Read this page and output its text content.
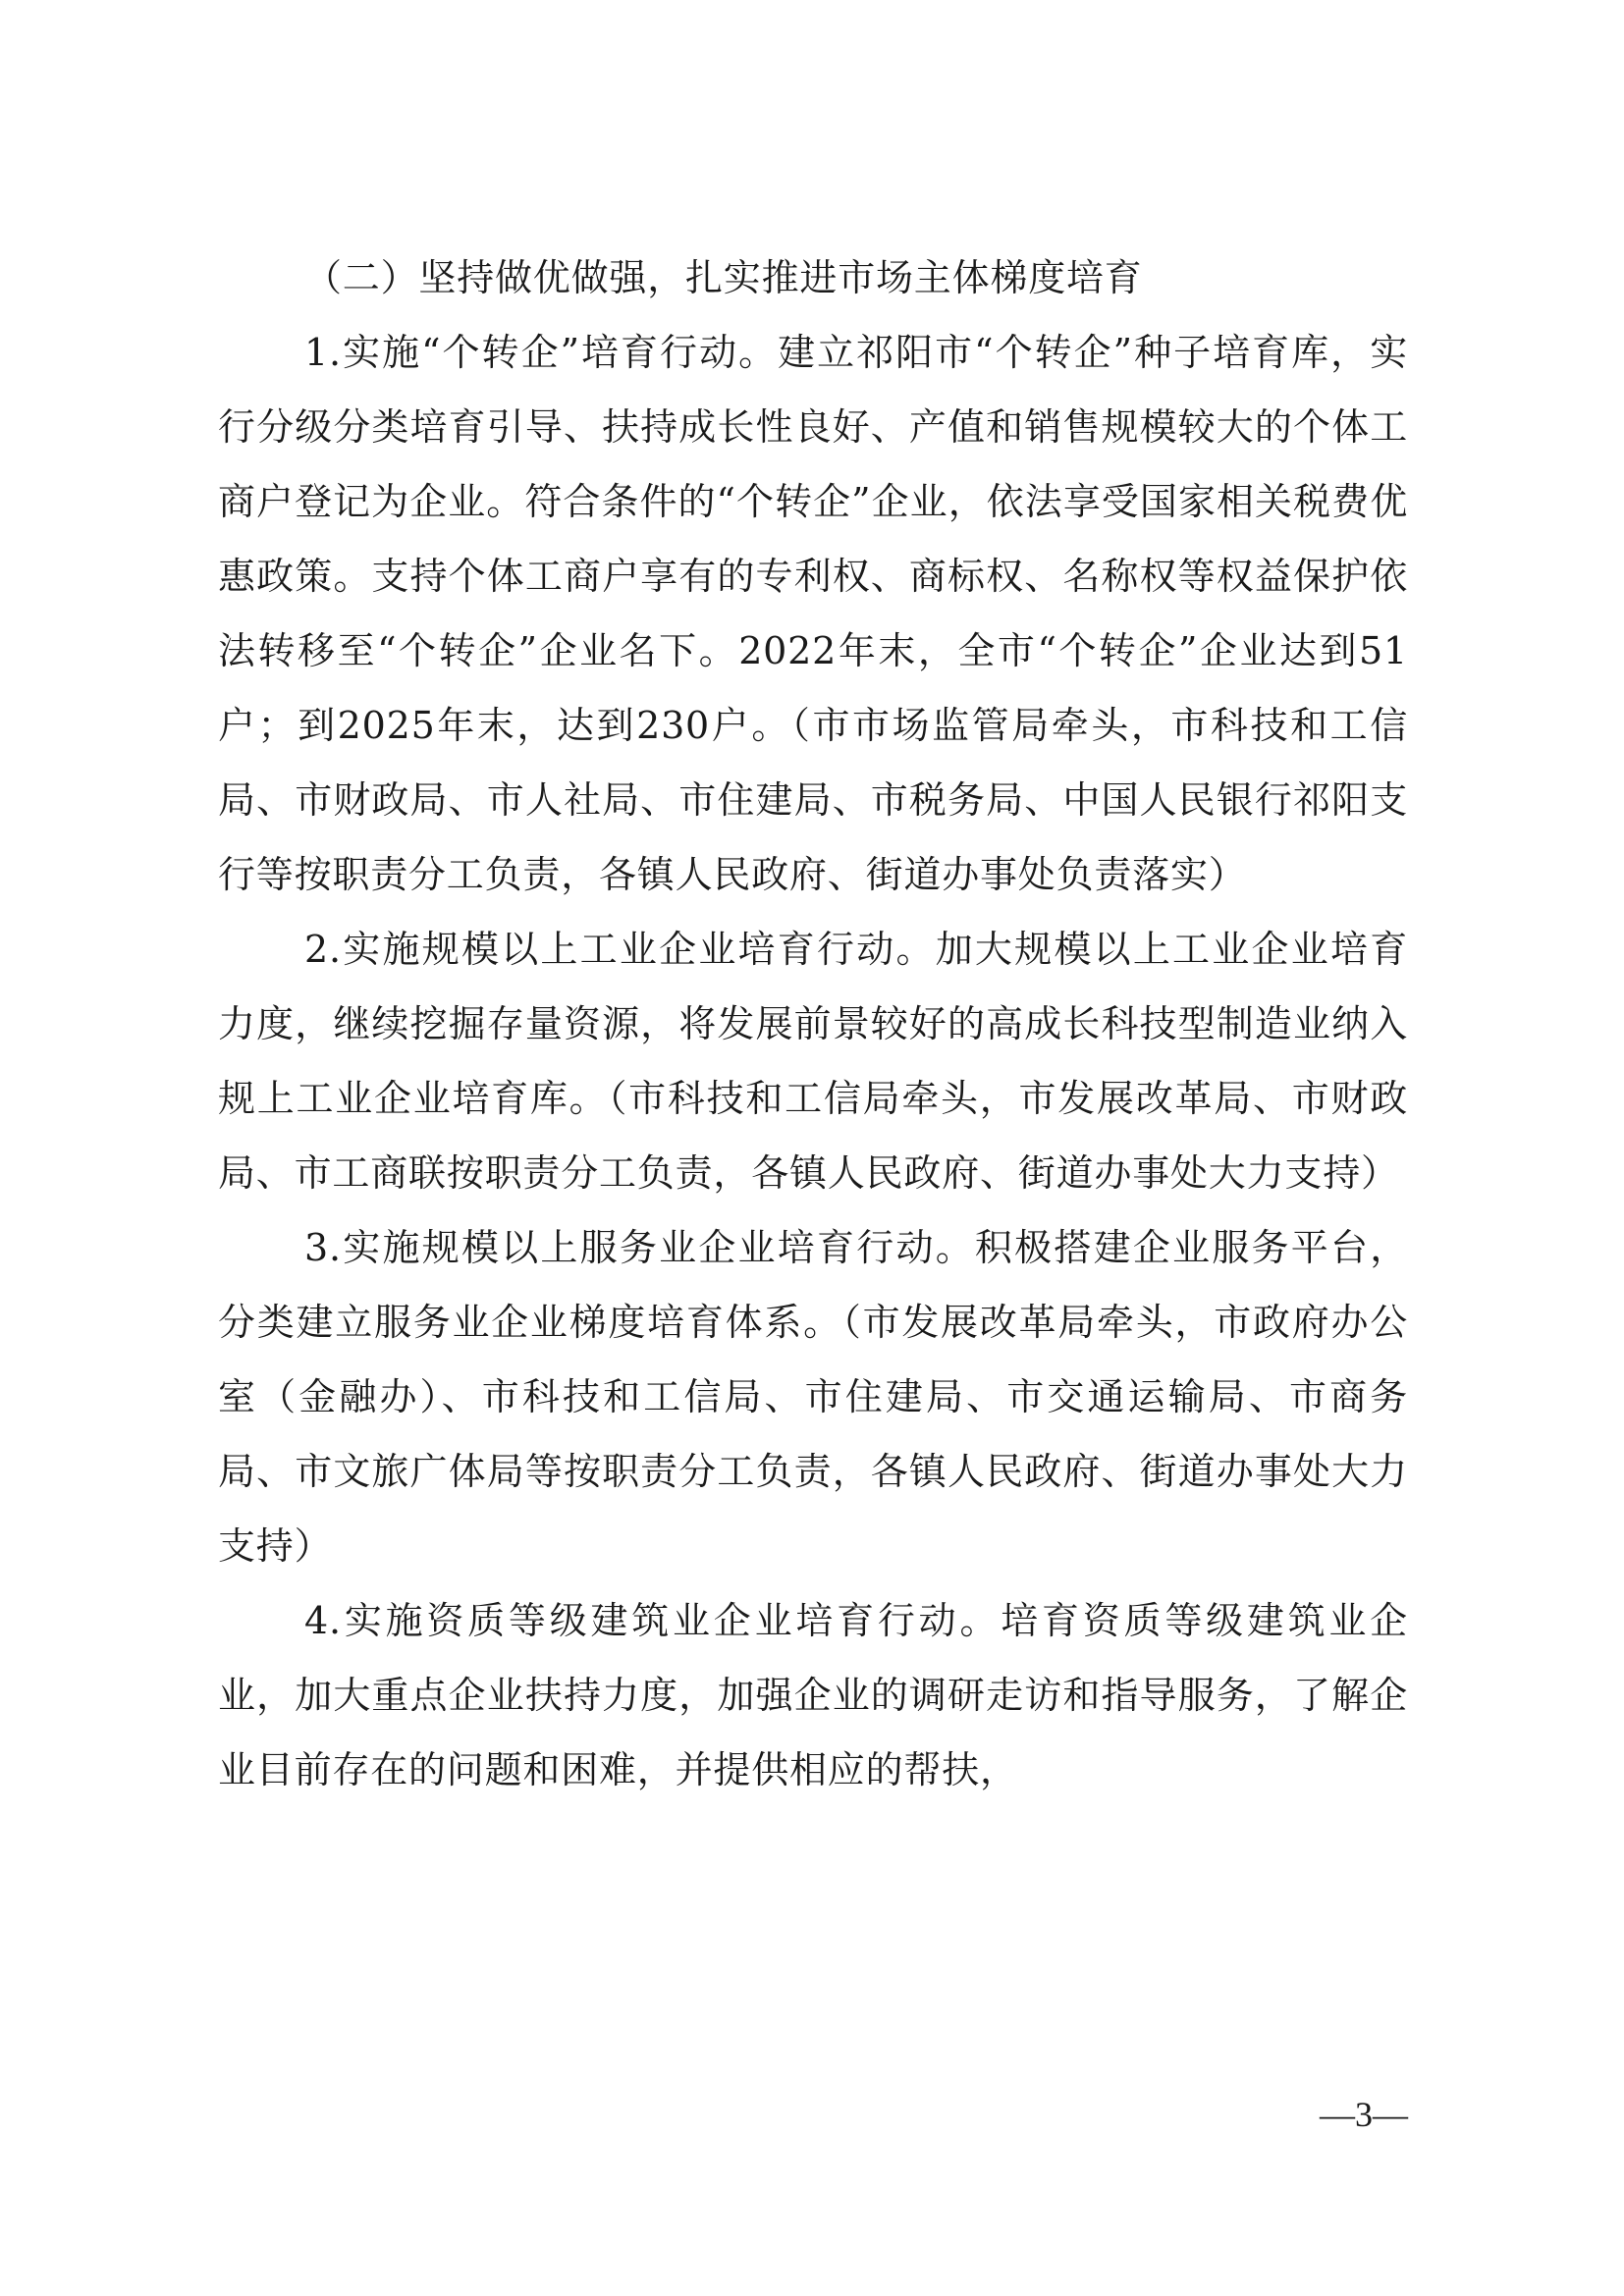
（二）坚持做优做强，扎实推进市场主体梯度培育

1.实施“个转企”培育行动。建立祁阳市“个转企”种子培育库，实行分级分类培育引导、扶持成长性良好、产值和销售规模较大的个体工商户登记为企业。符合条件的“个转企”企业，依法享受国家相关税费优惠政策。支持个体工商户享有的专利权、商标权、名称权等权益保护依法转移至“个转企”企业名下。2022年末，全市“个转企”企业达到51户；到2025年末，达到230户。（市市场监管局牵头，市科技和工信局、市财政局、市人社局、市住建局、市税务局、中国人民银行祁阳支行等按职责分工负责，各镇人民政府、街道办事处负责落实）

2.实施规模以上工业企业培育行动。加大规模以上工业企业培育力度，继续挖掘存量资源，将发展前景较好的高成长科技型制造业纳入规上工业企业培育库。（市科技和工信局牵头，市发展改革局、市财政局、市工商联按职责分工负责，各镇人民政府、街道办事处大力支持）

3.实施规模以上服务业企业培育行动。积极搭建企业服务平台，分类建立服务业企业梯度培育体系。（市发展改革局牵头，市政府办公室（金融办）、市科技和工信局、市住建局、市交通运输局、市商务局、市文旅广体局等按职责分工负责，各镇人民政府、街道办事处大力支持）

4.实施资质等级建筑业企业培育行动。培育资质等级建筑业企业，加大重点企业扶持力度，加强企业的调研走访和指导服务，了解企业目前存在的问题和困难，并提供相应的帮扶，

—3—
